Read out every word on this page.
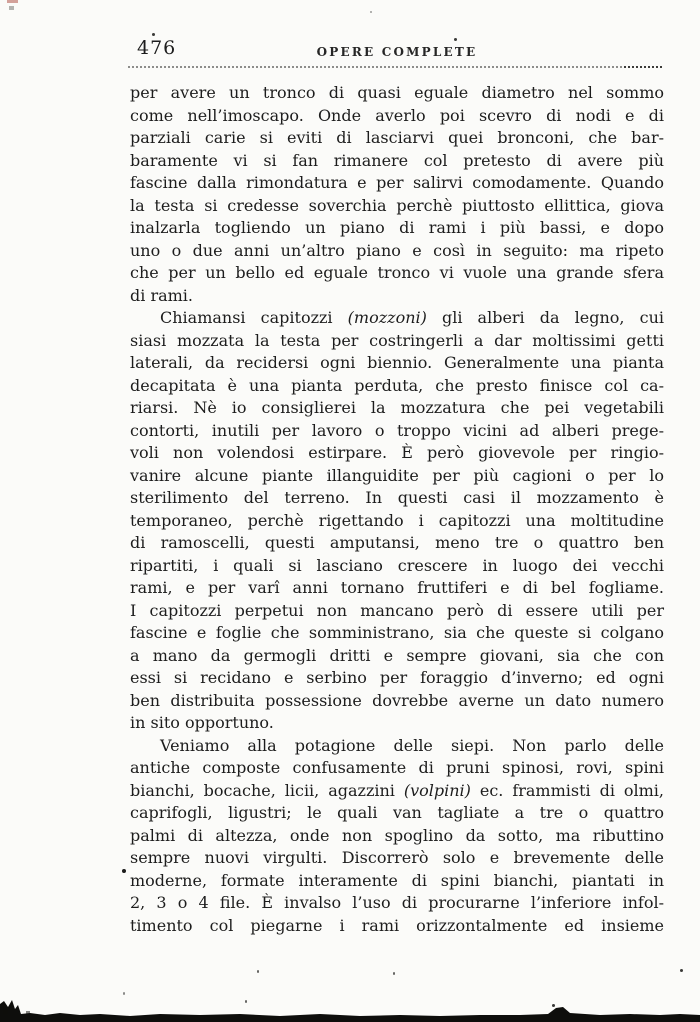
476	OPERE COMPLETE
per avere un tronco di quasi eguale diametro nel sommo
come nell’imoscapo. Onde averlo poi scevro di nodi e di
parziali carie si eviti di lasciarvi quei bronconi, che bar-
baramente vi si fan rimanere col pretesto di avere più
fascine dalla rimondatura e per salirvi comodamente. Quando
la testa si credesse soverchia perchè piuttosto ellittica, giova
inalzarla togliendo un piano di rami i più bassi, e dopo
uno o due anni un’altro piano e così in seguito: ma ripeto
che per un bello ed eguale tronco vi vuole una grande sfera
di rami.
Chiamansi capitozzi (mozzoni) gli alberi da legno, cui
siasi mozzata la testa per costringerli a dar moltissimi getti
laterali, da recidersi ogni biennio. Generalmente una pianta
decapitata è una pianta perduta, che presto finisce col ca-
riarsi. Nè io consiglierei la mozzatura che pei vegetabili
contorti, inutili per lavoro o troppo vicini ad alberi prege-
voli non volendosi estirpare. È però giovevole per ringio-
vanire alcune piante illanguidite per più cagioni o per lo
sterilimento del terreno. In questi casi il mozzamento è
temporaneo, perchè rigettando i capitozzi una moltitudine
di ramoscelli, questi amputansi, meno tre o quattro ben
ripartiti, i quali si lasciano crescere in luogo dei vecchi
rami, e per varî anni tornano fruttiferi e di bel fogliame.
I capitozzi perpetui non mancano però di essere utili per
fascine e foglie che somministrano, sia che queste si colgano
a mano da germogli dritti e sempre giovani, sia che con
essi si recidano e serbino per foraggio d’inverno; ed ogni
ben distribuita possessione dovrebbe averne un dato numero
in sito opportuno.
Veniamo alla potagione delle siepi. Non parlo delle
antiche composte confusamente di pruni spinosi, rovi, spini
bianchi, bocache, licii, agazzini (volpini) ec. frammisti di olmi,
caprifogli, ligustri; le quali van tagliate a tre o quattro
palmi di altezza, onde non spoglino da sotto, ma ributtino
sempre nuovi virgulti. Discorrerò solo e brevemente delle
moderne, formate interamente di spini bianchi, piantati in
2, 3 o 4 file. È invalso l’uso di procurarne l’inferiore infol-
timento col piegarne i rami orizzontalmente ed insieme
